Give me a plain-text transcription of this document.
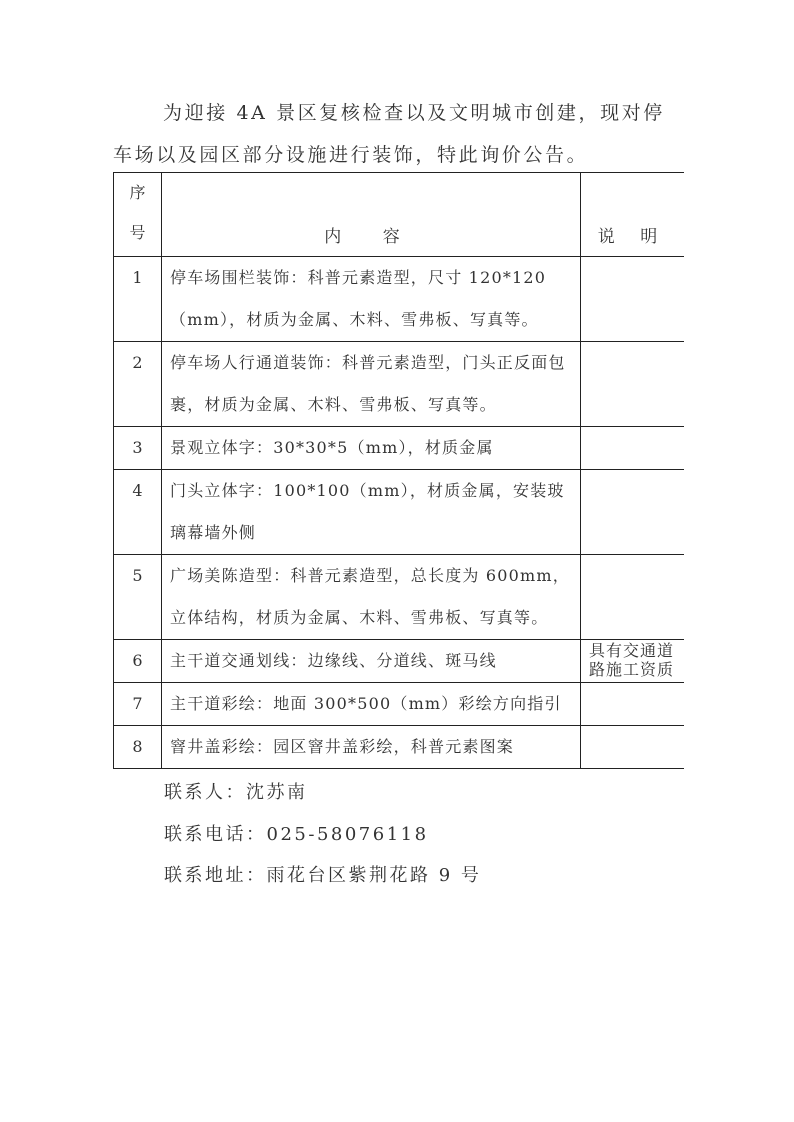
为迎接 4A 景区复核检查以及文明城市创建，现对停车场以及园区部分设施进行装饰，特此询价公告。

序号	内 容	说 明

1	停车场围栏装饰：科普元素造型，尺寸 120*120（mm），材质为金属、木料、雪弗板、写真等。	
2	停车场人行通道装饰：科普元素造型，门头正反面包裹，材质为金属、木料、雪弗板、写真等。	
3	景观立体字：30*30*5（mm），材质金属	
4	门头立体字：100*100（mm），材质金属，安装玻璃幕墙外侧	
5	广场美陈造型：科普元素造型，总长度为 600mm，立体结构，材质为金属、木料、雪弗板、写真等。	
6	主干道交通划线：边缘线、分道线、斑马线	具有交通道路施工资质
7	主干道彩绘：地面 300*500（mm）彩绘方向指引	
8	窨井盖彩绘：园区窨井盖彩绘，科普元素图案	

联系人：沈苏南

联系电话：025-58076118

联系地址：雨花台区紫荆花路 9 号
